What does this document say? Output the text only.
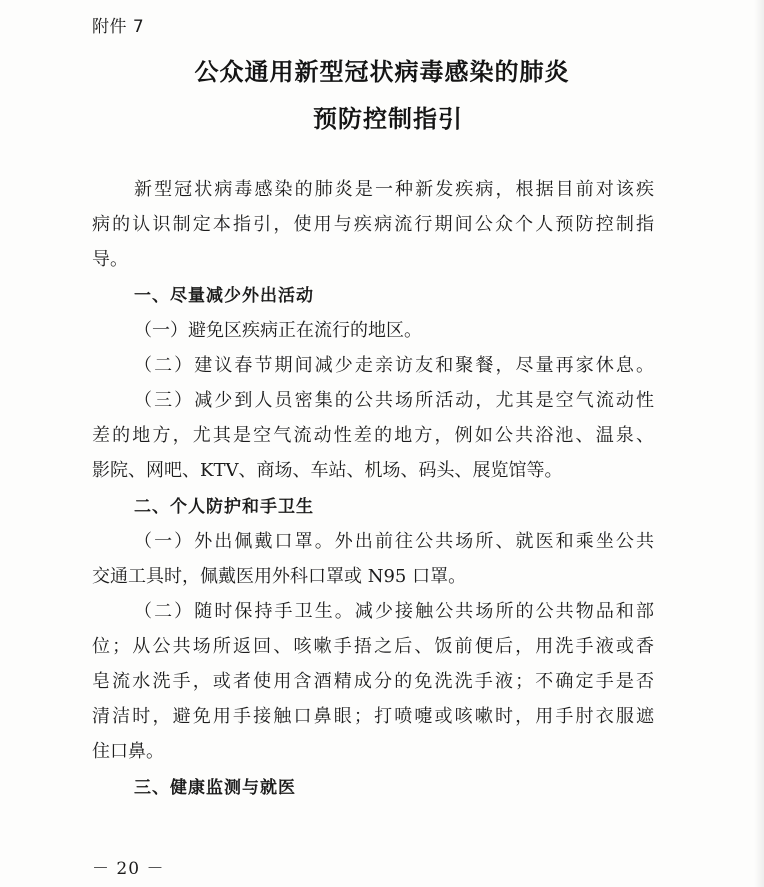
附件 7
公众通用新型冠状病毒感染的肺炎
预防控制指引
新型冠状病毒感染的肺炎是一种新发疾病，根据目前对该疾
病的认识制定本指引，使用与疾病流行期间公众个人预防控制指
导。
一、尽量减少外出活动
（一）避免区疾病正在流行的地区。
（二）建议春节期间减少走亲访友和聚餐，尽量再家休息。
（三）减少到人员密集的公共场所活动，尤其是空气流动性
差的地方，尤其是空气流动性差的地方，例如公共浴池、温泉、
影院、网吧、KTV、商场、车站、机场、码头、展览馆等。
二、个人防护和手卫生
（一）外出佩戴口罩。外出前往公共场所、就医和乘坐公共
交通工具时，佩戴医用外科口罩或 N95 口罩。
（二）随时保持手卫生。减少接触公共场所的公共物品和部
位；从公共场所返回、咳嗽手捂之后、饭前便后，用洗手液或香
皂流水洗手，或者使用含酒精成分的免洗洗手液；不确定手是否
清洁时，避免用手接触口鼻眼；打喷嚏或咳嗽时，用手肘衣服遮
住口鼻。
三、健康监测与就医
－ 20 －
